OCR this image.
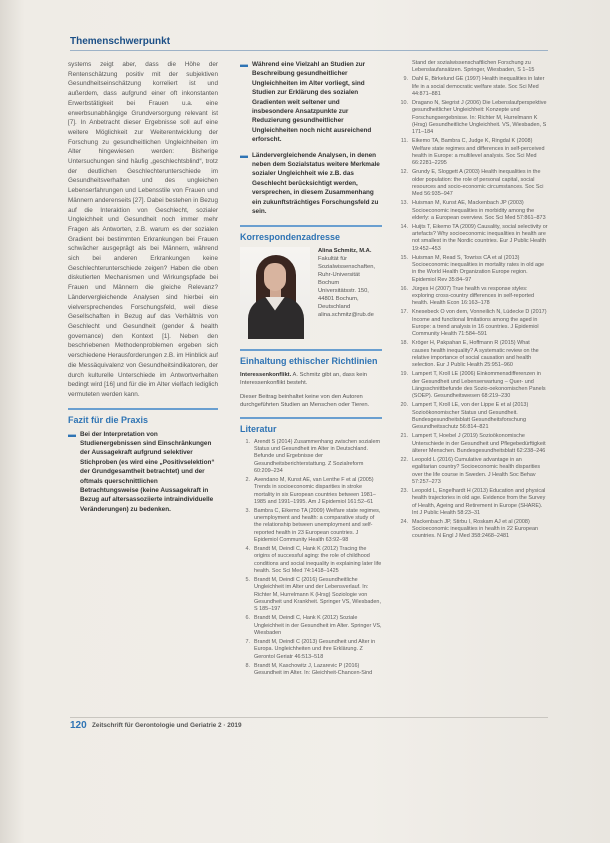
Themenschwerpunkt

systems zeigt aber, dass die Höhe der Rentenschätzung positiv mit der subjektiven Gesundheitseinschätzung korreliert ist und außerdem, dass aufgrund einer oft inkonstanten Erwerbstätigkeit bei Frauen u.a. eine erwerbsunabhängige Grundversorgung relevant ist [7]. In Anbetracht dieser Ergebnisse soll auf eine weitere Möglichkeit zur Weiterentwicklung der Forschung zu gesundheitlichen Ungleichheiten im Alter hingewiesen werden: Bisherige Untersuchungen sind häufig „geschlechtsblind“, trotz der deutlichen Geschlechterunterschiede im Gesundheitsverhalten und des ungleichen Lebenserfahrungen und Lebensstile von Frauen und Männern anderenseits [27]. Dabei bestehen in Bezug auf die Interaktion von Geschlecht, sozialer Ungleichheit und Gesundheit noch immer mehr Fragen als Antworten, z.B. warum es der sozialen Gradient bei bestimmten Erkrankungen bei Frauen schwächer ausgeprägt als bei Männern, während sich bei anderen Erkrankungen keine Geschlechterunterschiede zeigen? Haben die oben diskutierten Mechanismen und Wirkungspfade bei Frauen und Männern die gleiche Relevanz? Ländervergleichende Analysen sind hierbei ein vielversprechendes Forschungsfeld, weil diese Gesellschaften in Bezug auf das Verhältnis von Geschlecht und Gesundheit (gender & health governance) den Kontext [1]. Neben den beschriebenen Methodenproblemen ergeben sich verschiedene Herausforderungen z.B. im Hinblick auf die Messäquivalenz von Gesundheitsindikatoren, der durch kulturelle Unterschiede im Antwortverhalten bedingt wird [16] und für die im Alter vielfach lediglich vermuteten werden kann.

Fazit für die Praxis
▬ Bei der Interpretation von Studienergebnissen sind Einschränkungen der Aussagekraft aufgrund selektiver Stichproben (es wird eine „Positivselektion“ der Grundgesamtheit betrachtet) und der oftmals querschnittlichen Betrachtungsweise (keine Aussagekraft in Bezug auf altersassoziierte intraindividuelle Veränderungen) zu bedenken.
▬ Während eine Vielzahl an Studien zur Beschreibung gesundheitlicher Ungleichheiten im Alter vorliegt, sind Studien zur Erklärung des sozialen Gradienten weit seltener und insbesondere Ansatzpunkte zur Reduzierung gesundheitlicher Ungleichheiten noch nicht ausreichend erforscht.
▬ Ländervergleichende Analysen, in denen neben dem Sozialstatus weitere Merkmale sozialer Ungleichheit wie z.B. das Geschlecht berücksichtigt werden, versprechen, in diesem Zusammenhang ein zukunftsträchtiges Forschungsfeld zu sein.
Korrespondenzadresse
Alina Schmitz, M.A.
Fakultät für
Sozialwissenschaften,
Ruhr-Universität Bochum
Universitätsstr. 150,
44801 Bochum, Deutschland
alina.schmitz@rub.de
Einhaltung ethischer Richtlinien

Interessenkonflikt. A. Schmitz gibt an, dass kein Interessenkonflikt besteht.

Dieser Beitrag beinhaltet keine von den Autoren durchgeführten Studien an Menschen oder Tieren.

Literatur
1. Arendt S (2014) Zusammenhang zwischen sozialem Status und Gesundheit im Alter in Deutschland. Befunde und Ergebnisse der Gesundheitsberichterstattung. Z Sozialreform 60:209–234
2. Avendano M, Kunst AE, van Lenthe F et al (2005) Trends in socioeconomic disparities in stroke mortality in six European countries between 1981–1985 and 1991–1995. Am J Epidemiol 161:52–61
3. Bambra C, Eikemo TA (2009) Welfare state regimes, unemployment and health: a comparative study of the relationship between unemployment and self-reported health in 23 European countries. J Epidemiol Community Health 63:92–98
4. Brandt M, Deindl C, Hank K (2012) Tracing the origins of successful aging: the role of childhood conditions and social inequality in explaining later life health. Soc Sci Med 74:1418–1425
5. Brandt M, Deindl C (2016) Gesundheitliche Ungleichheit im Alter und der Lebensverlauf. In: Richter M, Hurrelmann K (Hrsg) Soziologie von Gesundheit und Krankheit. Springer VS, Wiesbaden, S 185–197
6. Brandt M, Deindl C, Hank K (2012) Soziale Ungleichheit in der Gesundheit im Alter. Springer VS, Wiesbaden
7. Brandt M, Deindl C (2013) Gesundheit und Alter in Europa. Ungleichheiten und ihre Erklärung. Z Gerontol Geriatr 46:513–518
8. Brandt M, Kaschowitz J, Lazarevic P (2016) Gesundheit im Alter. In: Gleichheit-Chancen-Sind
Stand der sozialwissenschaftlichen Forschung zu Lebenslaufansätzen. Springer, Wiesbaden, S 1–15
9. Dahl E, Birkelund GE (1997) Health inequalities in later life in a social democratic welfare state. Soc Sci Med 44:871–881
10. Dragano N, Siegrist J (2006) Die Lebenslaufperspektive gesundheitlicher Ungleichheit: Konzepte und Forschungsergebnisse. In: Richter M, Hurrelmann K (Hrsg) Gesundheitliche Ungleichheit. VS, Wiesbaden, S 171–184
11. Eikemo TA, Bambra C, Judge K, Ringdal K (2008) Welfare state regimes and differences in self-perceived health in Europe: a multilevel analysis. Soc Sci Med 66:2281–2295
12. Grundy E, Sloggett A (2003) Health inequalities in the older population: the role of personal capital, social resources and socio-economic circumstances. Soc Sci Med 56:935–947
13. Huisman M, Kunst AE, Mackenbach JP (2003) Socioeconomic inequalities in morbidity among the elderly: a European overview. Soc Sci Med 57:861–873
14. Huijts T, Eikemo TA (2009) Causality, social selectivity or artefacts? Why socioeconomic inequalities in health are not smallest in the Nordic countries. Eur J Public Health 19:452–453
15. Huisman M, Read S, Towriss CA et al (2013) Socioeconomic inequalities in mortality rates in old age in the World Health Organization Europe region. Epidemiol Rev 35:84–97
16. Jürges H (2007) True health vs response styles: exploring cross-country differences in self-reported health. Health Econ 16:163–178
17. Knesebeck O von dem, Vonneilich N, Lüdecke D (2017) Income and functional limitations among the aged in Europe: a trend analysis in 16 countries. J Epidemiol Community Health 71:584–591
18. Kröger H, Pakpahan E, Hoffmann R (2015) What causes health inequality? A systematic review on the relative importance of social causation and health selection. Eur J Public Health 25:951–960
19. Lampert T, Kroll LE (2006) Einkommensdifferenzen in der Gesundheit und Lebenserwartung – Quer- und Längsschnittbefunde des Sozio-oekonomischen Panels (SOEP). Gesundheitswesen 68:219–230
20. Lampert T, Kroll LE, von der Lippe E et al (2013) Sozioökonomischer Status und Gesundheit. Bundesgesundheitsblatt Gesundheitsforschung Gesundheitsschutz 56:814–821
21. Lampert T, Hoebel J (2019) Sozioökonomische Unterschiede in der Gesundheit und Pflegebedürftigkeit älterer Menschen. Bundesgesundheitsblatt 62:238–246
22. Leopold L (2016) Cumulative advantage in an egalitarian country? Socioeconomic health disparities over the life course in Sweden. J Health Soc Behav 57:257–273
23. Leopold L, Engelhardt H (2013) Education and physical health trajectories in old age. Evidence from the Survey of Health, Ageing and Retirement in Europe (SHARE). Int J Public Health 58:23–31
24. Mackenbach JP, Stirbu I, Roskam AJ et al (2008) Socioeconomic inequalities in health in 22 European countries. N Engl J Med 358:2468–2481
120 Zeitschrift für Gerontologie und Geriatrie 2 · 2019
